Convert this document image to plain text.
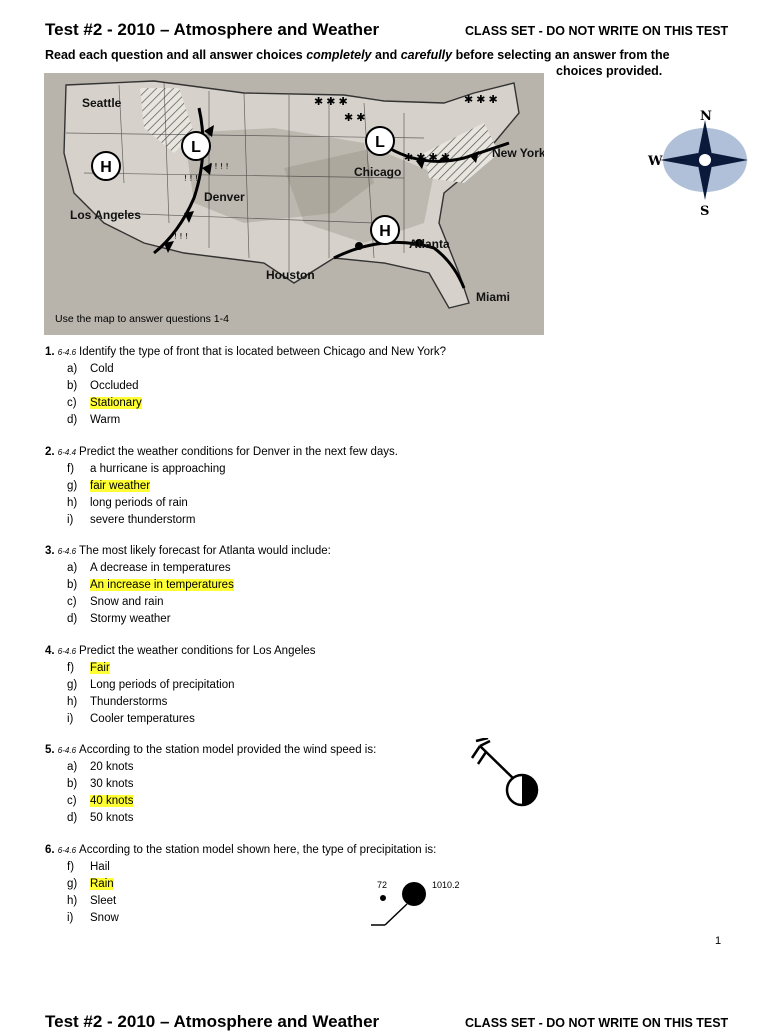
Test #2 - 2010 – Atmosphere and Weather	CLASS SET - DO NOT WRITE ON THIS TEST
Read each question and all answer choices completely and carefully before selecting an answer from the
choices provided.
H
L	L
H
Seattle
Los Angeles
Denver
Houston
Chicago
New York
Atlanta
Miami
✱ ✱ ✱
✱ ✱
✱ ✱ ✱ ✱
✱ ✱ ✱
ꜝ ꜝ ꜝ ꜝ
ꜝ ꜝ ꜝ
ꜝ ꜝ ꜝ
Use the map to answer questions 1-4
N
W
S
1. 6-4.6 Identify the type of front that is located between Chicago and New York?
a) Cold
b) Occluded
c) Stationary
d) Warm
2. 6-4.4 Predict the weather conditions for Denver in the next few days.
f) a hurricane is approaching
g) fair weather
h) long periods of rain
i) severe thunderstorm
3. 6-4.6 The most likely forecast for Atlanta would include:
a) A decrease in temperatures
b) An increase in temperatures
c) Snow and rain
d) Stormy weather
4. 6-4.6 Predict the weather conditions for Los Angeles
f) Fair
g) Long periods of precipitation
h) Thunderstorms
i) Cooler temperatures
5. 6-4.6 According to the station model provided the wind speed is:
a) 20 knots
b) 30 knots
c) 40 knots
d) 50 knots
6. 6-4.6 According to the station model shown here, the type of precipitation is:
f) Hail
g) Rain
h) Sleet
i) Snow
72	1010.2
1
Test #2 - 2010 – Atmosphere and Weather	CLASS SET - DO NOT WRITE ON THIS TEST
